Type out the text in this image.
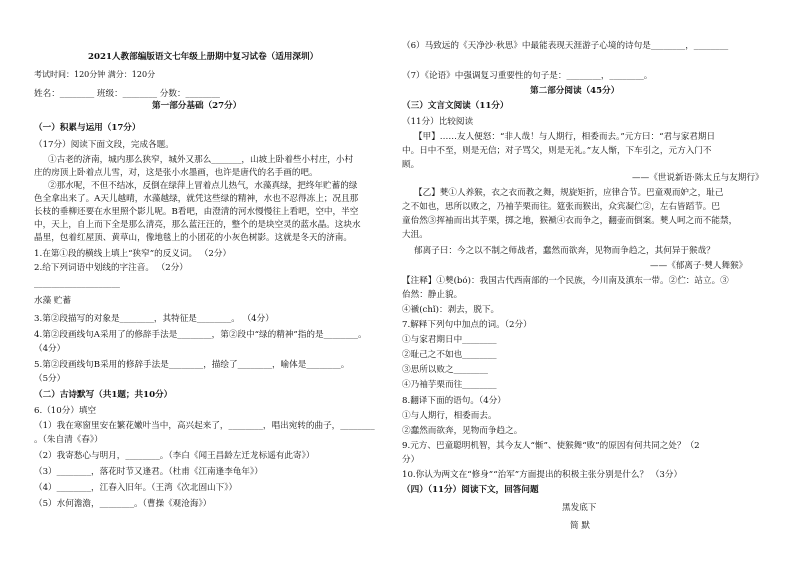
2021人教部编版语文七年级上册期中复习试卷（适用深圳）
考试时间：120分钟 满分：120分
姓名：________ 班级：________ 分数：________
第一部分基础（27分）
（一）积累与运用（17分）
（17分）阅读下面文段，完成各题。
①古老的济南，城内那么狭窄，城外又那么_______，山坡上卧着些小村庄，小村
庄的房顶上卧着点儿雪，对，这是张小水墨画，也许是唐代的名手画的吧。
②那水呢，不但不结冰，反倒在绿萍上冒着点儿热气，水藻真绿，把终年贮蓄的绿
色全拿出来了。A天儿越晴，水藻越绿，就凭这些绿的精神，水也不忍得冻上；况且那
长枝的垂柳还要在水里照个影儿呢。B看吧，由澄清的河水慢慢往上看吧，空中，半空
中，天上，自上而下全是那么清亮，那么蓝汪汪的，整个的是块空灵的蓝水晶。这块水
晶里，包着红屋顶、黄草山，像地毯上的小团花的小灰色树影。这就是冬天的济南。
1.在第①段的横线上填上“狭窄”的反义词。 （2分）
2.给下列词语中划线的字注音。 （2分）
____________________
水藻 贮蓄
3.第②段描写的对象是________，其特征是________。 （4分）
4.第②段画线句A采用了的修辞手法是________，第②段中“绿的精神”指的是________。
（4分）
5.第②段画线句B采用的修辞手法是________，描绘了________，喻体是________。
（5分）
（二）古诗默写（共1题；共10分）
6.（10分）填空
（1）我在寒窗里安在繁花嫩叶当中，高兴起来了，________，唱出宛转的曲子，________
。（朱自清《春》）
（2）我寄愁心与明月，________。（李白《闻王昌龄左迁龙标遥有此寄》）
（3）________，落花时节又逢君。（杜甫《江南逢李龟年》）
（4）________，江春入旧年。（王湾《次北固山下》）
（5）水何澹澹，________。（曹操《观沧海》）
（6）马致远的《天净沙·秋思》中最能表现天涯游子心境的诗句是________，________
（7）《论语》中强调复习重要性的句子是：________，________。
第二部分阅读（45分）
（三）文言文阅读（11分）
（11分）比较阅读
【甲】……友人便怒：“非人哉！与人期行，相委而去。”元方曰：“君与家君期日
中。日中不至，则是无信；对子骂父，则是无礼。”友人惭，下车引之，元方入门不
顾。
——《世说新语·陈太丘与友期行》
【乙】僰①人养猴，衣之衣而教之舞，规旋矩折，应律合节。巴童观而妒之，耻己
之不如也，思所以败之，乃袖芋栗而往。筵张而猴出，众宾凝伫②，左右皆蹈节。巴
童佁然③挥袖而出其芋栗，掷之地，猴褫④衣而争之，翻壶而倒案。僰人呵之而不能禁，
大沮。
郁离子曰：今之以不制之师战者，蠢然而欲奔，见物而争趋之，其何异于猴哉？
——《郁离子·僰人舞猴》
【注释】①僰(bó)：我国古代西南部的一个民族，今川南及滇东一带。②伫：站立。③
佁然：静止貌。
④褫(chǐ)：剥去，脱下。
7.解释下列句中加点的词。（2分）
①与家君期日中________
②耻己之不如也________
③思所以败之________
④乃袖芋栗而往________
8.翻译下面的语句。（4分）
①与人期行，相委而去。
②蠢然而欲奔，见物而争趋之。
9.元方、巴童聪明机智，其今友人“惭”、使猴舞“败”的原因有何共同之处？（2
分）
10.你认为两文在“修身”“治军”方面提出的积极主张分别是什么？ （3分）
（四）（11分）阅读下文，回答问题
黑发底下
简 默
